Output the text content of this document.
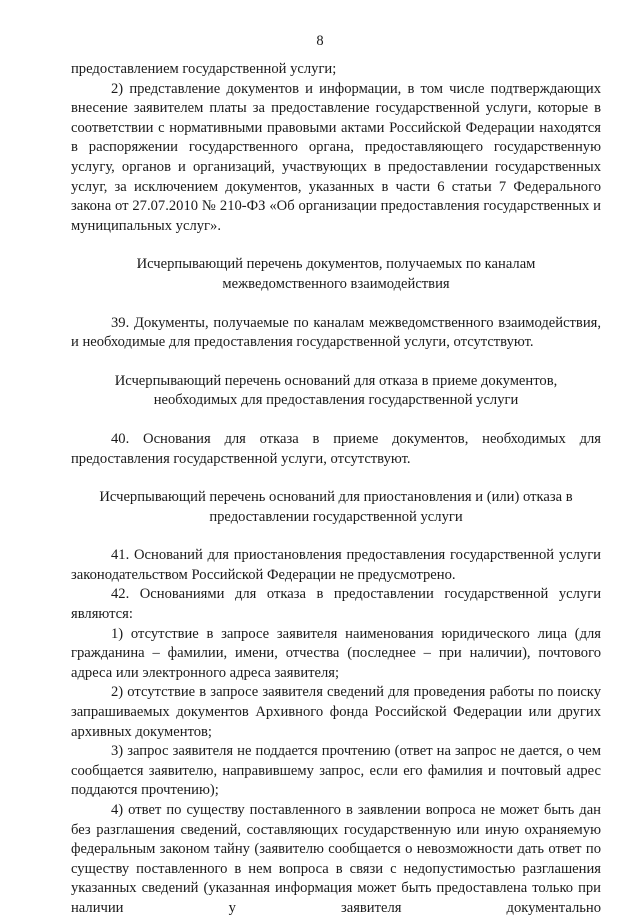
8

предоставлением государственной услуги;

2) представление документов и информации, в том числе подтверждающих внесение заявителем платы за предоставление государственной услуги, которые в соответствии с нормативными правовыми актами Российской Федерации находятся в распоряжении государственного органа, предоставляющего государственную услугу, органов и организаций, участвующих в предоставлении государственных услуг, за исключением документов, указанных в части 6 статьи 7 Федерального закона от 27.07.2010 № 210-ФЗ «Об организации предоставления государственных и муниципальных услуг».

Исчерпывающий перечень документов, получаемых по каналам межведомственного взаимодействия

39. Документы, получаемые по каналам межведомственного взаимодействия, и необходимые для предоставления государственной услуги, отсутствуют.

Исчерпывающий перечень оснований для отказа в приеме документов, необходимых для предоставления государственной услуги

40. Основания для отказа в приеме документов, необходимых для предоставления государственной услуги, отсутствуют.

Исчерпывающий перечень оснований для приостановления и (или) отказа в предоставлении государственной услуги

41. Оснований для приостановления предоставления государственной услуги законодательством Российской Федерации не предусмотрено.

42. Основаниями для отказа в предоставлении государственной услуги являются:

1) отсутствие в запросе заявителя наименования юридического лица (для гражданина – фамилии, имени, отчества (последнее – при наличии), почтового адреса или электронного адреса заявителя;

2) отсутствие в запросе заявителя сведений для проведения работы по поиску запрашиваемых документов Архивного фонда Российской Федерации или других архивных документов;

3) запрос заявителя не поддается прочтению (ответ на запрос не дается, о чем сообщается заявителю, направившему запрос, если его фамилия и почтовый адрес поддаются прочтению);

4) ответ по существу поставленного в заявлении вопроса не может быть дан без разглашения сведений, составляющих государственную или иную охраняемую федеральным законом тайну (заявителю сообщается о невозможности дать ответ по существу поставленного в нем вопроса в связи с недопустимостью разглашения указанных сведений (указанная информация может быть предоставлена только при наличии у заявителя документально
